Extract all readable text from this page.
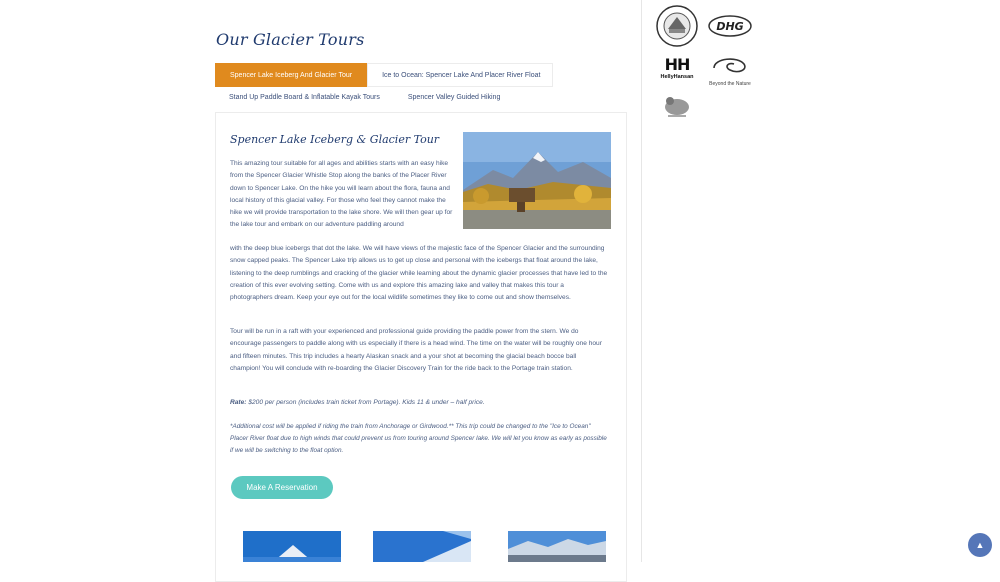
Our Glacier Tours
Spencer Lake Iceberg And Glacier Tour	Ice to Ocean: Spencer Lake And Placer River Float
Stand Up Paddle Board & Inflatable Kayak Tours	Spencer Valley Guided Hiking
Spencer Lake Iceberg & Glacier Tour
This amazing tour suitable for all ages and abilities starts with an easy hike from the Spencer Glacier Whistle Stop along the banks of the Placer River down to Spencer Lake. On the hike you will learn about the flora, fauna and local history of this glacial valley. For those who feel they cannot make the hike we will provide transportation to the lake shore. We will then gear up for the lake tour and embark on our adventure paddling around
with the deep blue icebergs that dot the lake. We will have views of the majestic face of the Spencer Glacier and the surrounding snow capped peaks. The Spencer Lake trip allows us to get up close and personal with the icebergs that float around the lake, listening to the deep rumblings and cracking of the glacier while learning about the dynamic glacier processes that have led to the creation of this ever evolving setting. Come with us and explore this amazing lake and valley that makes this tour a photographers dream. Keep your eye out for the local wildlife sometimes they like to come out and show themselves.
Tour will be run in a raft with your experienced and professional guide providing the paddle power from the stern. We do encourage passengers to paddle along with us especially if there is a head wind. The time on the water will be roughly one hour and fifteen minutes. This trip includes a hearty Alaskan snack and a your shot at becoming the glacial beach bocce ball champion! You will conclude with re-boarding the Glacier Discovery Train for the ride back to the Portage train station.
Rate: $200 per person (includes train ticket from Portage). Kids 11 & under – half price.
*Additional cost will be applied if riding the train from Anchorage or Girdwood.** This trip could be changed to the "Ice to Ocean" Placer River float due to high winds that could prevent us from touring around Spencer lake. We will let you know as early as possible if we will be switching to the float option.
Make A Reservation
DHG
HH
HellyHansan
Beyond the Nature
▲
